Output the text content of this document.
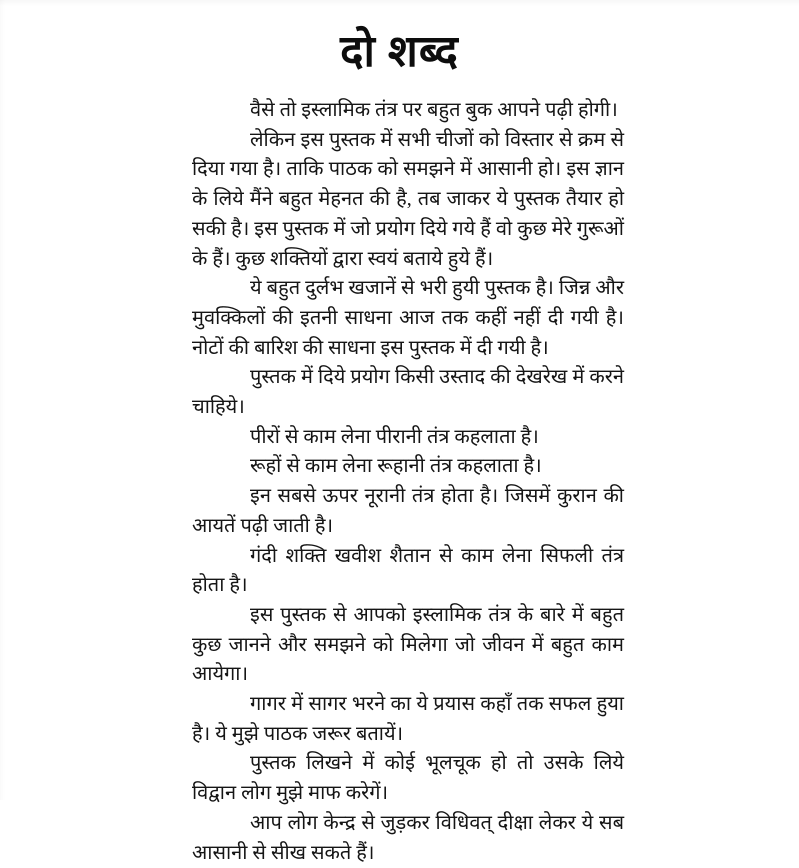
दो शब्द

वैसे तो इस्लामिक तंत्र पर बहुत बुक आपने पढ़ी होगी।

लेकिन इस पुस्तक में सभी चीजों को विस्तार से क्रम से दिया गया है। ताकि पाठक को समझने में आसानी हो। इस ज्ञान के लिये मैंने बहुत मेहनत की है, तब जाकर ये पुस्तक तैयार हो सकी है। इस पुस्तक में जो प्रयोग दिये गये हैं वो कुछ मेरे गुरूओं के हैं। कुछ शक्तियों द्वारा स्वयं बताये हुये हैं।

ये बहुत दुर्लभ खजानें से भरी हुयी पुस्तक है। जिन्न और मुवक्किलों की इतनी साधना आज तक कहीं नहीं दी गयी है। नोटों की बारिश की साधना इस पुस्तक में दी गयी है।

पुस्तक में दिये प्रयोग किसी उस्ताद की देखरेख में करने चाहिये।

पीरों से काम लेना पीरानी तंत्र कहलाता है।

रूहों से काम लेना रूहानी तंत्र कहलाता है।

इन सबसे ऊपर नूरानी तंत्र होता है। जिसमें कुरान की आयतें पढ़ी जाती है।

गंदी शक्ति खवीश शैतान से काम लेना सिफली तंत्र होता है।

इस पुस्तक से आपको इस्लामिक तंत्र के बारे में बहुत कुछ जानने और समझने को मिलेगा जो जीवन में बहुत काम आयेगा।

गागर में सागर भरने का ये प्रयास कहाँ तक सफल हुया है। ये मुझे पाठक जरूर बतायें।

पुस्तक लिखने में कोई भूलचूक हो तो उसके लिये विद्वान लोग मुझे माफ करेगें।

आप लोग केन्द्र से जुड़कर विधिवत् दीक्षा लेकर ये सब आसानी से सीख सकते हैं।
